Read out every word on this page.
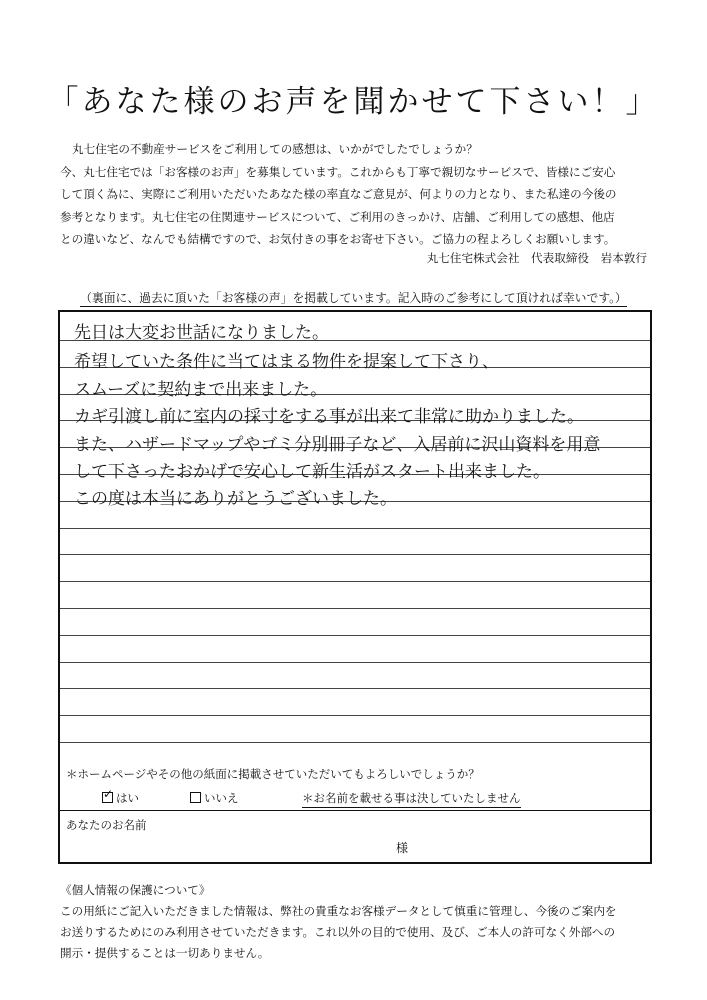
「あなた様のお声を聞かせて下さい！」

丸七住宅の不動産サービスをご利用しての感想は、いかがでしたでしょうか？

今、丸七住宅では「お客様のお声」を募集しています。これからも丁寧で親切なサービスで、皆様にご安心

して頂く為に、実際にご利用いただいたあなた様の率直なご意見が、何よりの力となり、また私達の今後の

参考となります。丸七住宅の住関連サービスについて、ご利用のきっかけ、店舗、ご利用しての感想、他店

との違いなど、なんでも結構ですので、お気付きの事をお寄せ下さい。ご協力の程よろしくお願いします。

丸七住宅株式会社　代表取締役　岩本敦行
（裏面に、過去に頂いた「お客様の声」を掲載しています。記入時のご参考にして頂ければ幸いです。）
先日は大変お世話になりました。
希望していた条件に当てはまる物件を提案して下さり、
スムーズに契約まで出来ました。
カギ引渡し前に室内の採寸をする事が出来て非常に助かりました。
また、ハザードマップやゴミ分別冊子など、入居前に沢山資料を用意
して下さったおかげで安心して新生活がスタート出来ました。
この度は本当にありがとうございました。
＊ホームページやその他の紙面に掲載させていただいてもよろしいでしょうか？
✓はい	いいえ	＊お名前を載せる事は決していたしません
あなたのお名前
様

《個人情報の保護について》

この用紙にご記入いただきました情報は、弊社の貴重なお客様データとして慎重に管理し、今後のご案内を

お送りするためにのみ利用させていただきます。これ以外の目的で使用、及び、ご本人の許可なく外部への

開示・提供することは一切ありません。
